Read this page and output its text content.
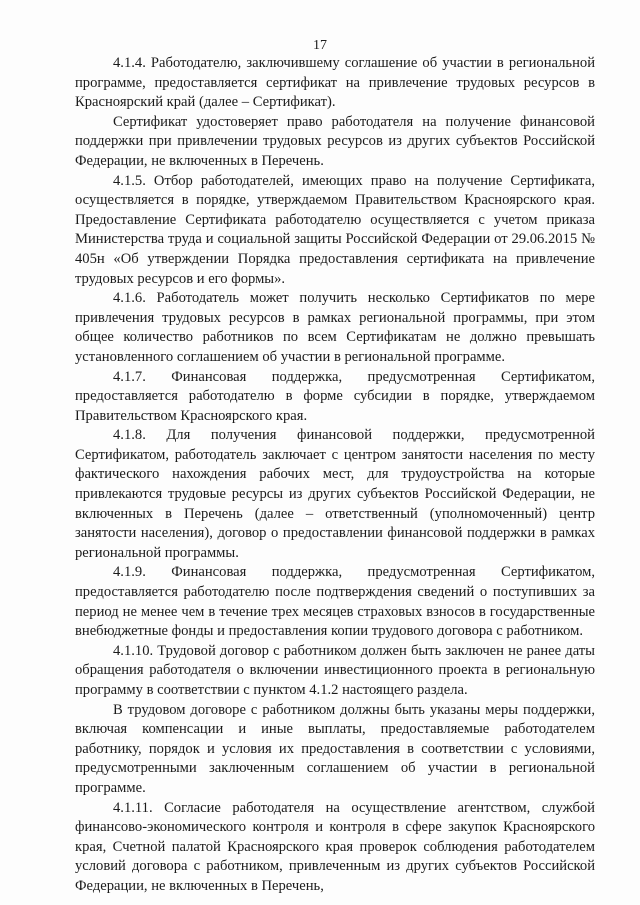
17

4.1.4. Работодателю, заключившему соглашение об участии в региональной программе, предоставляется сертификат на привлечение трудовых ресурсов в Красноярский край (далее – Сертификат).

Сертификат удостоверяет право работодателя на получение финансовой поддержки при привлечении трудовых ресурсов из других субъектов Российской Федерации, не включенных в Перечень.

4.1.5. Отбор работодателей, имеющих право на получение Сертификата, осуществляется в порядке, утверждаемом Правительством Красноярского края. Предоставление Сертификата работодателю осуществляется с учетом приказа Министерства труда и социальной защиты Российской Федерации от 29.06.2015 № 405н «Об утверждении Порядка предоставления сертификата на привлечение трудовых ресурсов и его формы».

4.1.6. Работодатель может получить несколько Сертификатов по мере привлечения трудовых ресурсов в рамках региональной программы, при этом общее количество работников по всем Сертификатам не должно превышать установленного соглашением об участии в региональной программе.

4.1.7. Финансовая поддержка, предусмотренная Сертификатом, предоставляется работодателю в форме субсидии в порядке, утверждаемом Правительством Красноярского края.

4.1.8. Для получения финансовой поддержки, предусмотренной Сертификатом, работодатель заключает с центром занятости населения по месту фактического нахождения рабочих мест, для трудоустройства на которые привлекаются трудовые ресурсы из других субъектов Российской Федерации, не включенных в Перечень (далее – ответственный (уполномоченный) центр занятости населения), договор о предоставлении финансовой поддержки в рамках региональной программы.

4.1.9. Финансовая поддержка, предусмотренная Сертификатом, предоставляется работодателю после подтверждения сведений о поступивших за период не менее чем в течение трех месяцев страховых взносов в государственные внебюджетные фонды и предоставления копии трудового договора с работником.

4.1.10. Трудовой договор с работником должен быть заключен не ранее даты обращения работодателя о включении инвестиционного проекта в региональную программу в соответствии с пунктом 4.1.2 настоящего раздела.

В трудовом договоре с работником должны быть указаны меры поддержки, включая компенсации и иные выплаты, предоставляемые работодателем работнику, порядок и условия их предоставления в соответствии с условиями, предусмотренными заключенным соглашением об участии в региональной программе.

4.1.11. Согласие работодателя на осуществление агентством, службой финансово-экономического контроля и контроля в сфере закупок Красноярского края, Счетной палатой Красноярского края проверок соблюдения работодателем условий договора с работником, привлеченным из других субъектов Российской Федерации, не включенных в Перечень,
